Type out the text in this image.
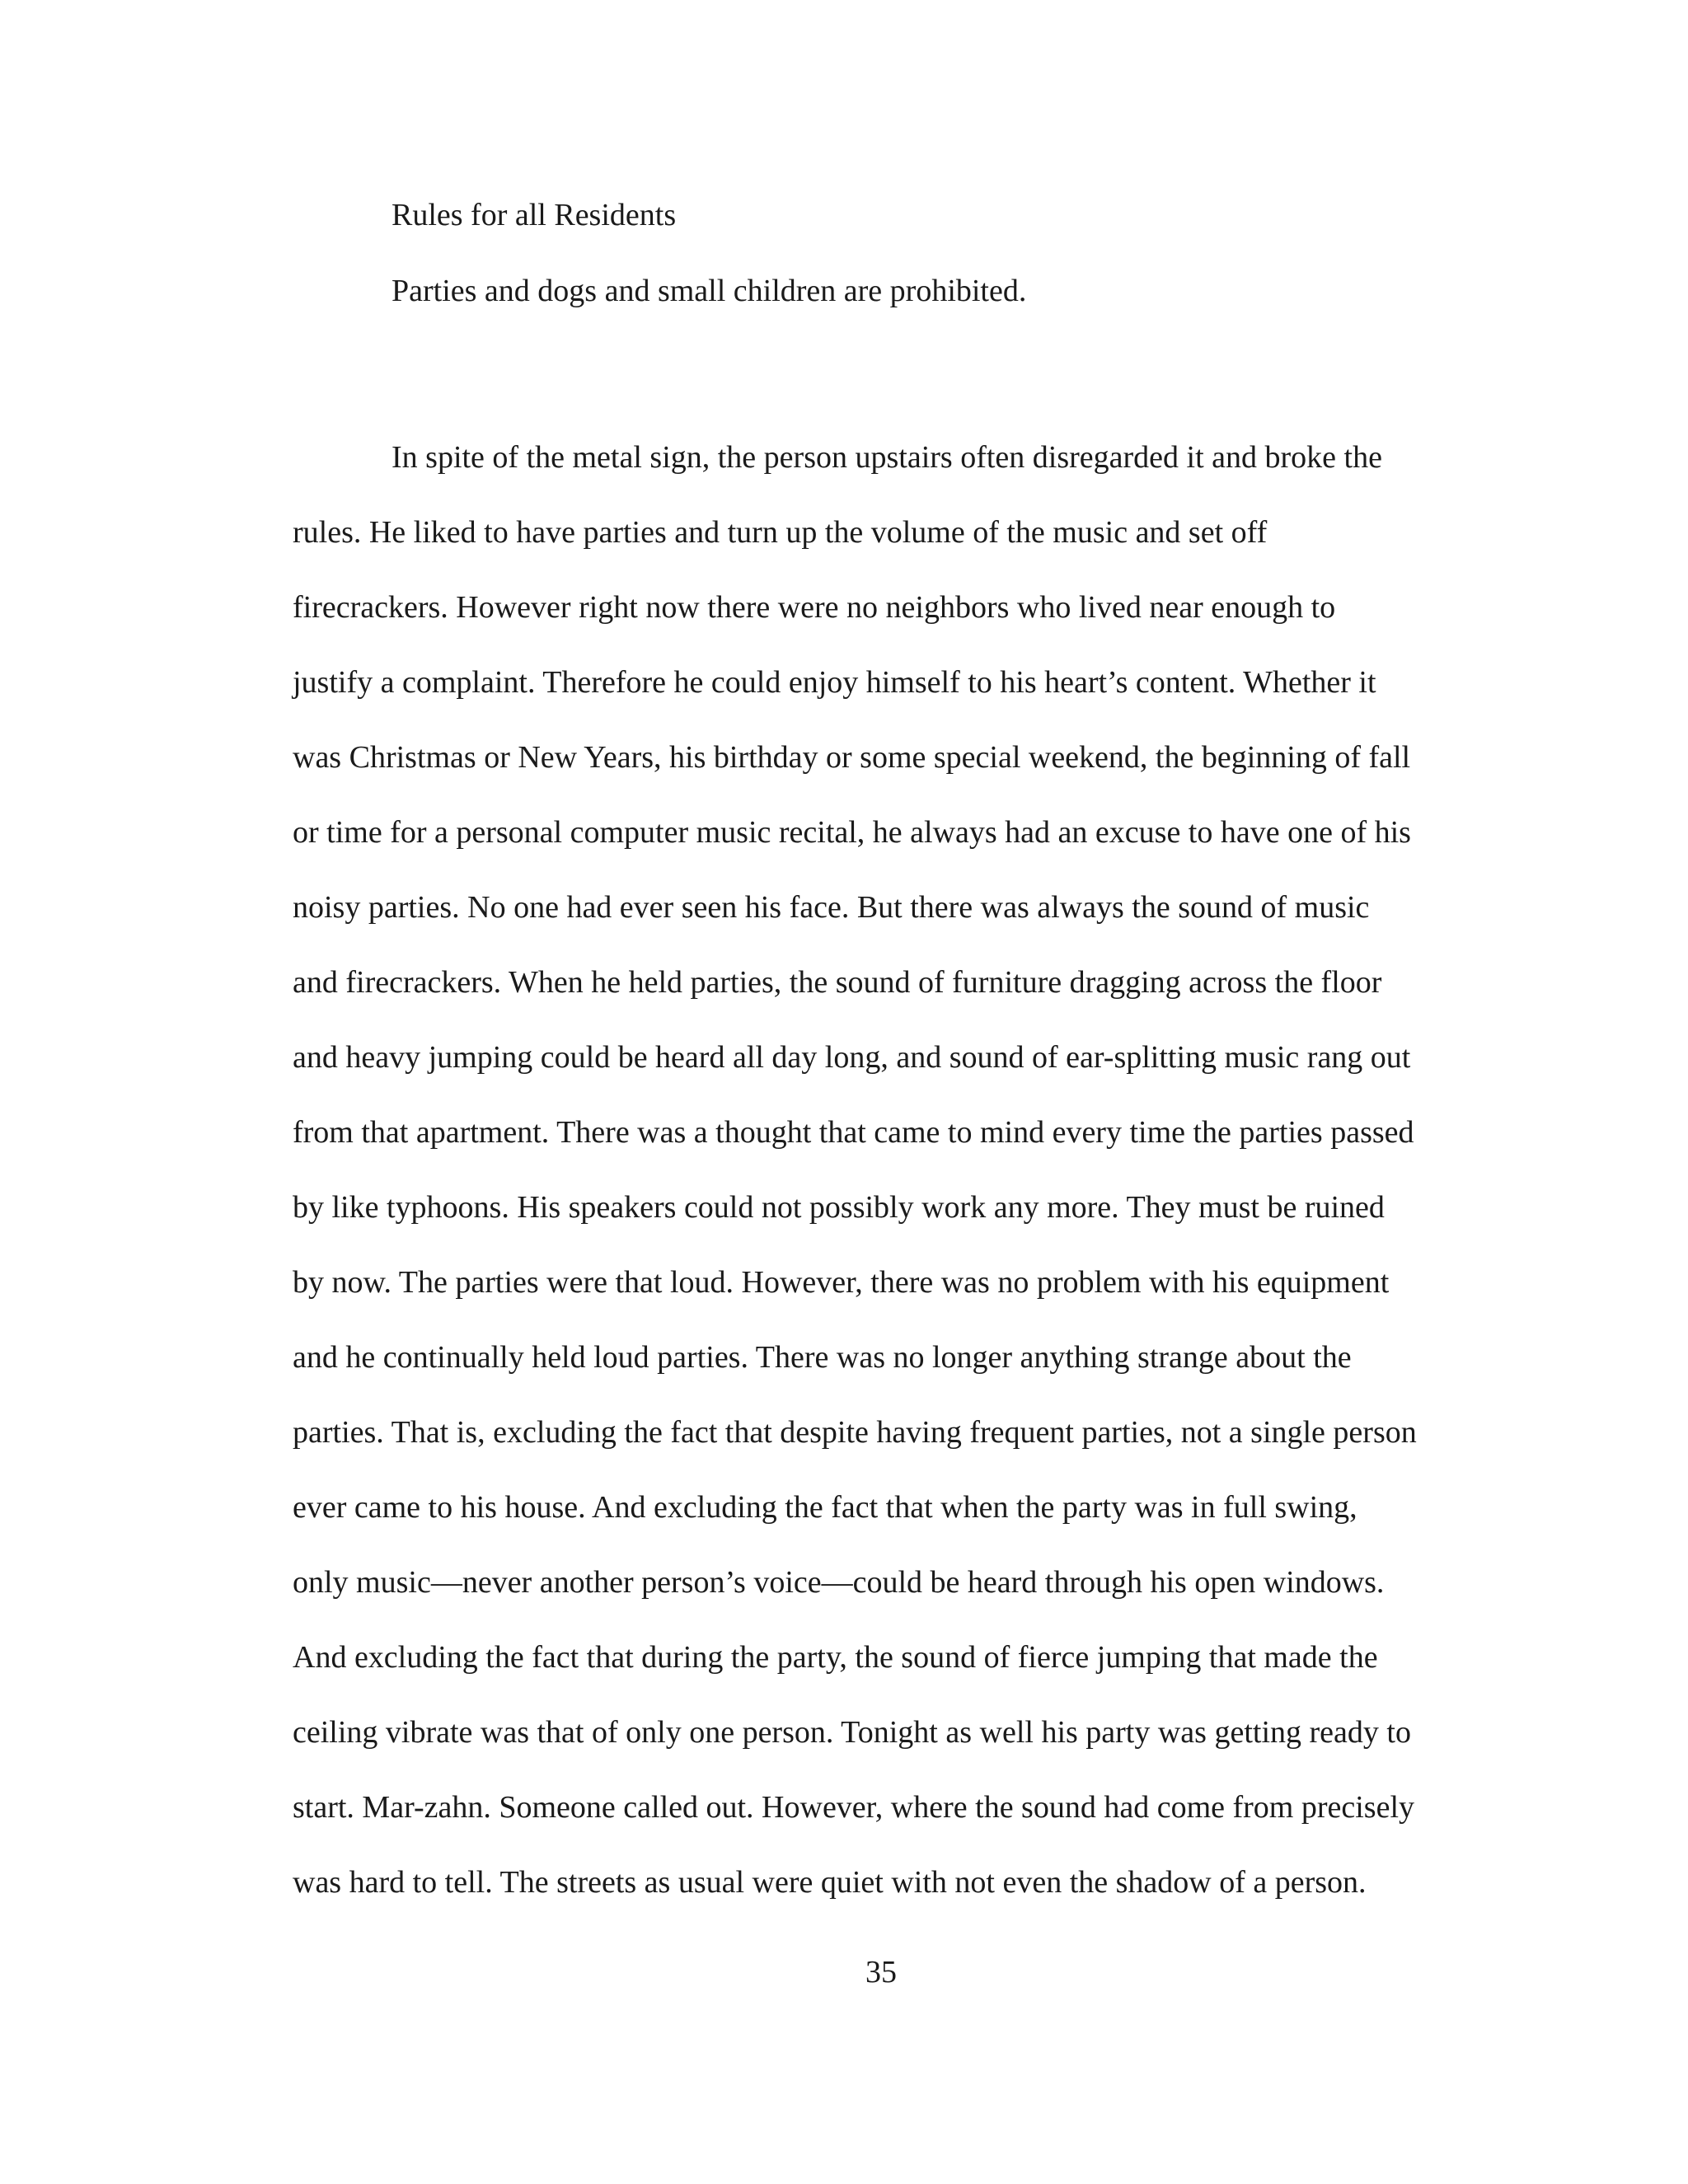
Rules for all Residents
Parties and dogs and small children are prohibited.
In spite of the metal sign, the person upstairs often disregarded it and broke the
rules. He liked to have parties and turn up the volume of the music and set off
firecrackers. However right now there were no neighbors who lived near enough to
justify a complaint. Therefore he could enjoy himself to his heart’s content. Whether it
was Christmas or New Years, his birthday or some special weekend, the beginning of fall
or time for a personal computer music recital, he always had an excuse to have one of his
noisy parties. No one had ever seen his face. But there was always the sound of music
and firecrackers. When he held parties, the sound of furniture dragging across the floor
and heavy jumping could be heard all day long, and sound of ear-splitting music rang out
from that apartment. There was a thought that came to mind every time the parties passed
by like typhoons. His speakers could not possibly work any more. They must be ruined
by now. The parties were that loud. However, there was no problem with his equipment
and he continually held loud parties. There was no longer anything strange about the
parties. That is, excluding the fact that despite having frequent parties, not a single person
ever came to his house. And excluding the fact that when the party was in full swing,
only music—never another person’s voice—could be heard through his open windows.
And excluding the fact that during the party, the sound of fierce jumping that made the
ceiling vibrate was that of only one person. Tonight as well his party was getting ready to
start. Mar-zahn. Someone called out. However, where the sound had come from precisely
was hard to tell. The streets as usual were quiet with not even the shadow of a person.
35
